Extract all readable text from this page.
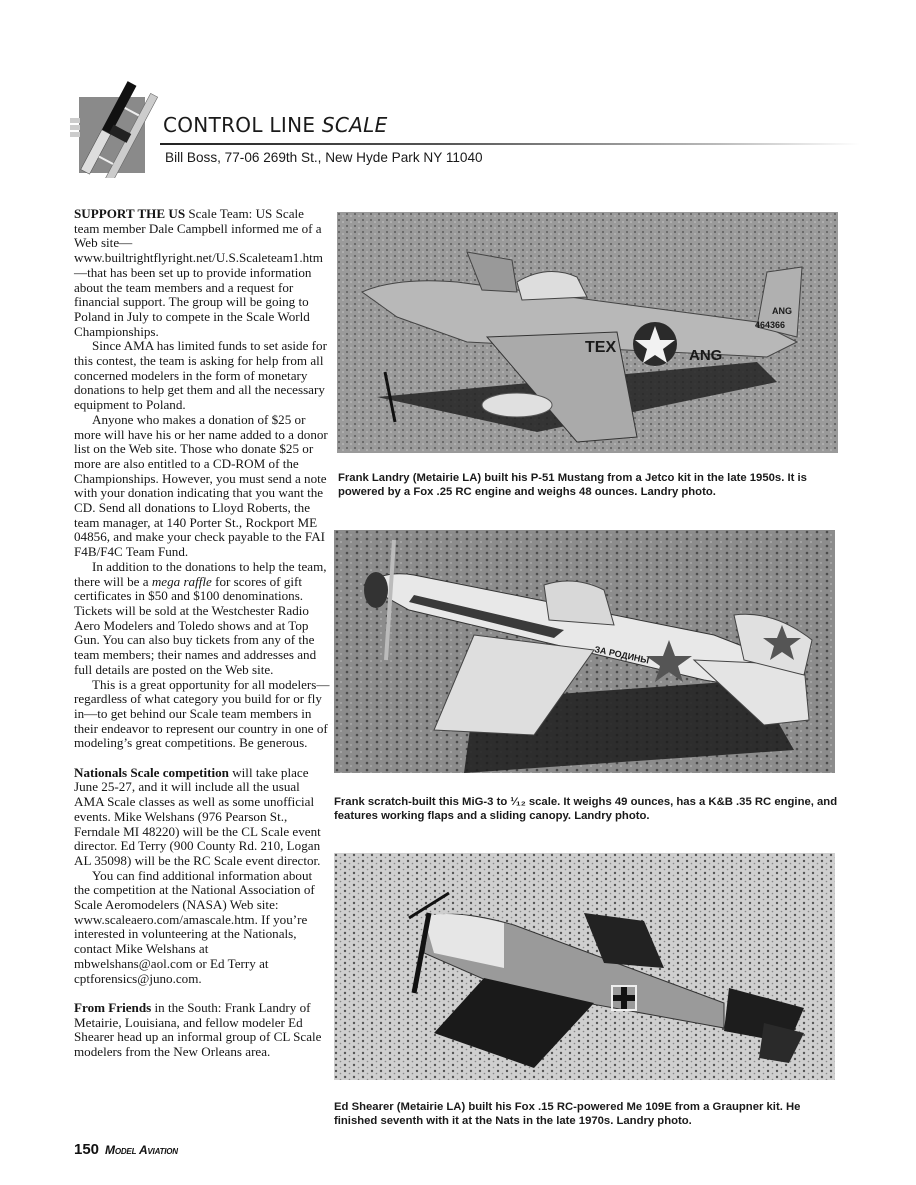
CONTROL LINE SCALE
Bill Boss, 77-06 269th St., New Hyde Park NY 11040

SUPPORT THE US Scale Team: US Scale team member Dale Campbell informed me of a Web site—www.builtrightflyright.net/U.S.Scaleteam1.htm—that has been set up to provide information about the team members and a request for financial support. The group will be going to Poland in July to compete in the Scale World Championships.

Since AMA has limited funds to set aside for this contest, the team is asking for help from all concerned modelers in the form of monetary donations to help get them and all the necessary equipment to Poland.

Anyone who makes a donation of $25 or more will have his or her name added to a donor list on the Web site. Those who donate $25 or more are also entitled to a CD-ROM of the Championships. However, you must send a note with your donation indicating that you want the CD. Send all donations to Lloyd Roberts, the team manager, at 140 Porter St., Rockport ME 04856, and make your check payable to the FAI F4B/F4C Team Fund.

In addition to the donations to help the team, there will be a mega raffle for scores of gift certificates in $50 and $100 denominations. Tickets will be sold at the Westchester Radio Aero Modelers and Toledo shows and at Top Gun. You can also buy tickets from any of the team members; their names and addresses and full details are posted on the Web site.

This is a great opportunity for all modelers—regardless of what category you build for or fly in—to get behind our Scale team members in their endeavor to represent our country in one of modeling’s great competitions. Be generous.

Nationals Scale competition will take place June 25-27, and it will include all the usual AMA Scale classes as well as some unofficial events. Mike Welshans (976 Pearson St., Ferndale MI 48220) will be the CL Scale event director. Ed Terry (900 County Rd. 210, Logan AL 35098) will be the RC Scale event director.

You can find additional information about the competition at the National Association of Scale Aeromodelers (NASA) Web site: www.scaleaero.com/amascale.htm. If you’re interested in volunteering at the Nationals, contact Mike Welshans at mbwelshans@aol.com or Ed Terry at cptforensics@juno.com.

From Friends in the South: Frank Landry of Metairie, Louisiana, and fellow modeler Ed Shearer head up an informal group of CL Scale modelers from the New Orleans area.

TEX	ANG
ANG
464366
Frank Landry (Metairie LA) built his P-51 Mustang from a Jetco kit in the late 1950s. It is powered by a Fox .25 RC engine and weighs 48 ounces. Landry photo.
ЗА РОДИНЫ
Frank scratch-built this MiG-3 to ¹⁄₁₂ scale. It weighs 49 ounces, has a K&B .35 RC engine, and features working flaps and a sliding canopy. Landry photo.
Ed Shearer (Metairie LA) built his Fox .15 RC-powered Me 109E from a Graupner kit. He finished seventh with it at the Nats in the late 1970s. Landry photo.
150 Model Aviation
